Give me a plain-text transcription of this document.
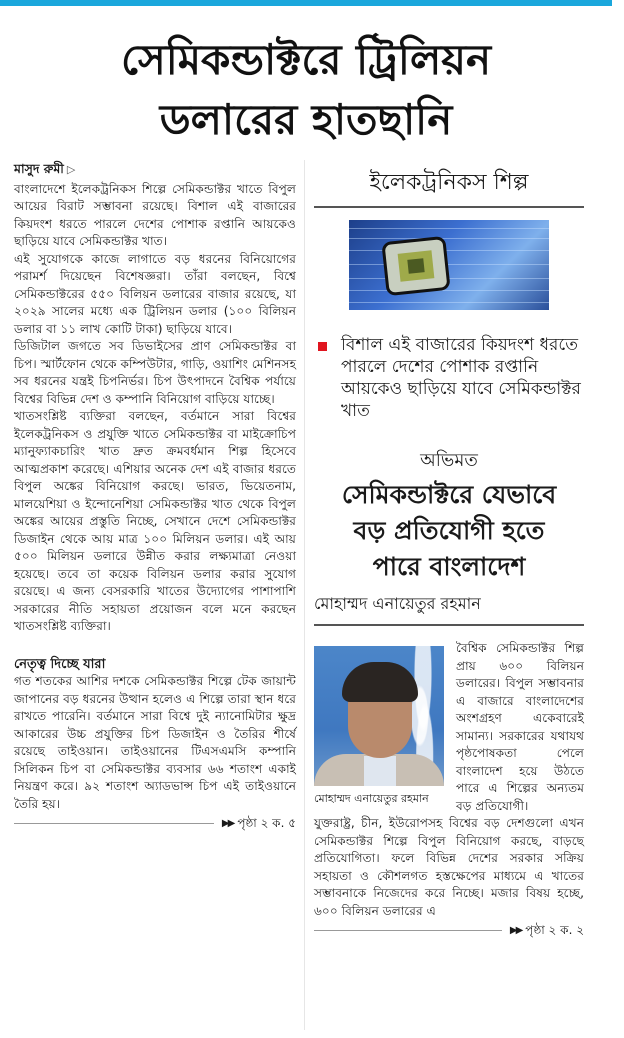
সেমিকন্ডাক্টরে ট্রিলিয়ন
ডলারের হাতছানি
মাসুদ রুমী ▷

বাংলাদেশে ইলেকট্রনিকস শিল্পে সেমিকন্ডাক্টর খাতে বিপুল আয়ের বিরাট সম্ভাবনা রয়েছে। বিশাল এই বাজারের কিয়দংশ ধরতে পারলে দেশের পোশাক রপ্তানি আয়কেও ছাড়িয়ে যাবে সেমিকন্ডাক্টর খাত।

এই সুযোগকে কাজে লাগাতে বড় ধরনের বিনিয়োগের পরামর্শ দিয়েছেন বিশেষজ্ঞরা। তাঁরা বলছেন, বিশ্বে সেমিকন্ডাক্টরের ৫৫০ বিলিয়ন ডলারের বাজার রয়েছে, যা ২০২৯ সালের মধ্যে এক ট্রিলিয়ন ডলার (১০০ বিলিয়ন ডলার বা ১১ লাখ কোটি টাকা) ছাড়িয়ে যাবে।

ডিজিটাল জগতে সব ডিভাইসের প্রাণ সেমিকন্ডাক্টর বা চিপ। স্মার্টফোন থেকে কম্পিউটার, গাড়ি, ওয়াশিং মেশিনসহ সব ধরনের যন্ত্রই চিপনির্ভর। চিপ উৎপাদনে বৈশ্বিক পর্যায়ে বিশ্বের বিভিন্ন দেশ ও কম্পানি বিনিয়োগ বাড়িয়ে যাচ্ছে।

খাতসংশ্লিষ্ট ব্যক্তিরা বলছেন, বর্তমানে সারা বিশ্বের ইলেকট্রনিকস ও প্রযুক্তি খাতে সেমিকন্ডাক্টর বা মাইক্রোচিপ ম্যানুফ্যাকচারিং খাত দ্রুত ক্রমবর্ধমান শিল্প হিসেবে আত্মপ্রকাশ করেছে। এশিয়ার অনেক দেশ এই বাজার ধরতে বিপুল অঙ্কের বিনিয়োগ করছে। ভারত, ভিয়েতনাম, মালয়েশিয়া ও ইন্দোনেশিয়া সেমিকন্ডাক্টর খাত থেকে বিপুল অঙ্কের আয়ের প্রস্তুতি নিচ্ছে, সেখানে দেশে সেমিকন্ডাক্টর ডিজাইন থেকে আয় মাত্র ১০০ মিলিয়ন ডলার। এই আয় ৫০০ মিলিয়ন ডলারে উন্নীত করার লক্ষ্যমাত্রা নেওয়া হয়েছে। তবে তা কয়েক বিলিয়ন ডলার করার সুযোগ রয়েছে। এ জন্য বেসরকারি খাতের উদ্যোগের পাশাপাশি সরকারের নীতি সহায়তা প্রয়োজন বলে মনে করছেন খাতসংশ্লিষ্ট ব্যক্তিরা।

নেতৃত্ব দিচ্ছে যারা

গত শতকের আশির দশকে সেমিকন্ডাক্টর শিল্পে টেক জায়ান্ট জাপানের বড় ধরনের উত্থান হলেও এ শিল্পে তারা স্থান ধরে রাখতে পারেনি। বর্তমানে সারা বিশ্বে দুই ন্যানোমিটার ক্ষুদ্র আকারের উচ্চ প্রযুক্তির চিপ ডিজাইন ও তৈরির শীর্ষে রয়েছে তাইওয়ান। তাইওয়ানের টিএসএমসি কম্পানি সিলিকন চিপ বা সেমিকন্ডাক্টর ব্যবসার ৬৬ শতাংশ একাই নিয়ন্ত্রণ করে। ৯২ শতাংশ অ্যাডভান্স চিপ এই তাইওয়ানে তৈরি হয়।

▶▶ পৃষ্ঠা ২ ক. ৫
ইলেকট্রনিকস শিল্প
বিশাল এই বাজারের কিয়দংশ ধরতে পারলে দেশের পোশাক রপ্তানি আয়কেও ছাড়িয়ে যাবে সেমিকন্ডাক্টর খাত
অভিমত
সেমিকন্ডাক্টরে যেভাবে
বড় প্রতিযোগী হতে
পারে বাংলাদেশ
মোহাম্মদ এনায়েতুর রহমান
মোহাম্মদ এনায়েতুর রহমান

বৈশ্বিক সেমিকন্ডাক্টর শিল্প প্রায় ৬০০ বিলিয়ন ডলারের। বিপুল সম্ভাবনার এ বাজারে বাংলাদেশের অংশগ্রহণ একেবারেই সামান্য। সরকারের যথাযথ পৃষ্ঠপোষকতা পেলে বাংলাদেশ হয়ে উঠতে পারে এ শিল্পের অন্যতম বড় প্রতিযোগী।

যুক্তরাষ্ট্র, চীন, ইউরোপসহ বিশ্বের বড় দেশগুলো এখন সেমিকন্ডাক্টর শিল্পে বিপুল বিনিয়োগ করছে, বাড়ছে প্রতিযোগিতা। ফলে বিভিন্ন দেশের সরকার সক্রিয় সহায়তা ও কৌশলগত হস্তক্ষেপের মাধ্যমে এ খাতের সম্ভাবনাকে নিজেদের করে নিচ্ছে। মজার বিষয় হচ্ছে, ৬০০ বিলিয়ন ডলারের এ

▶▶ পৃষ্ঠা ২ ক. ২
